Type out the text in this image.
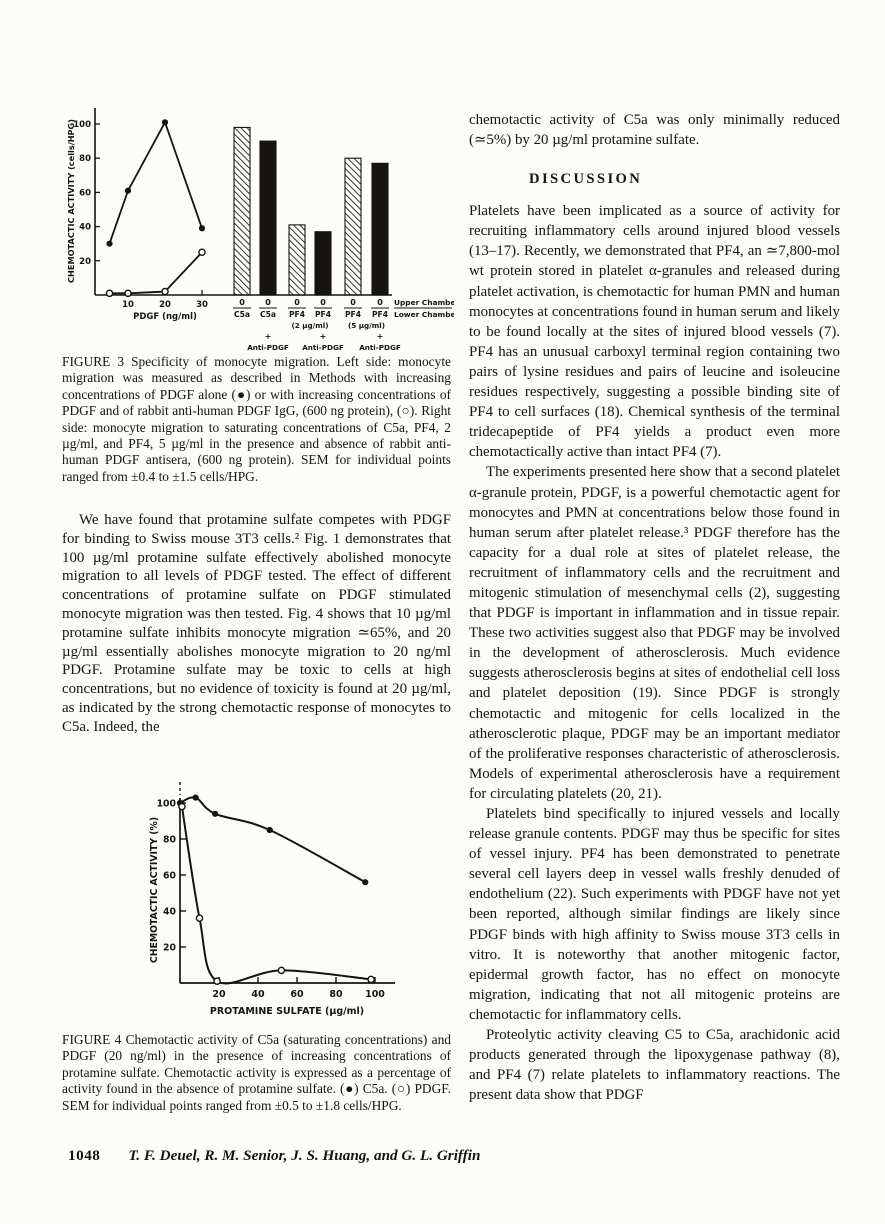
20
40
60
80
100
CHEMOTACTIC ACTIVITY (cells/HPG)
10	20	30
PDGF (ng/ml)
0
C5a
0
C5a
+
Anti-PDGF
0
PF4
0
PF4
+
Anti-PDGF
0
PF4
0
PF4
+
Anti-PDGF
(2 µg/ml)	(5 µg/ml)
Upper Chamber
Lower Chamber

FIGURE 3 Specificity of monocyte migration. Left side: monocyte migration was measured as described in Methods with increasing concentrations of PDGF alone (●) or with increasing concentrations of PDGF and of rabbit anti-human PDGF IgG, (600 ng protein), (○). Right side: monocyte migration to saturating concentrations of C5a, PF4, 2 µg/ml, and PF4, 5 µg/ml in the presence and absence of rabbit anti-human PDGF antisera, (600 ng protein). SEM for individual points ranged from ±0.4 to ±1.5 cells/HPG.

We have found that protamine sulfate competes with PDGF for binding to Swiss mouse 3T3 cells.² Fig. 1 demonstrates that 100 µg/ml protamine sulfate effectively abolished monocyte migration to all levels of PDGF tested. The effect of different concentrations of protamine sulfate on PDGF stimulated monocyte migration was then tested. Fig. 4 shows that 10 µg/ml protamine sulfate inhibits monocyte migration ≃65%, and 20 µg/ml essentially abolishes monocyte migration to 20 ng/ml PDGF. Protamine sulfate may be toxic to cells at high concentrations, but no evidence of toxicity is found at 20 µg/ml, as indicated by the strong chemotactic response of monocytes to C5a. Indeed, the

20
40
60
80
100
20	40	60	80 100
PROTAMINE SULFATE (µg/ml)
CHEMOTACTIC ACTIVITY (%)

FIGURE 4 Chemotactic activity of C5a (saturating concentrations) and PDGF (20 ng/ml) in the presence of increasing concentrations of protamine sulfate. Chemotactic activity is expressed as a percentage of activity found in the absence of protamine sulfate. (●) C5a. (○) PDGF. SEM for individual points ranged from ±0.5 to ±1.8 cells/HPG.

chemotactic activity of C5a was only minimally reduced (≃5%) by 20 µg/ml protamine sulfate.

DISCUSSION

Platelets have been implicated as a source of activity for recruiting inflammatory cells around injured blood vessels (13–17). Recently, we demonstrated that PF4, an ≃7,800-mol wt protein stored in platelet α-granules and released during platelet activation, is chemotactic for human PMN and human monocytes at concentrations found in human serum and likely to be found locally at the sites of injured blood vessels (7). PF4 has an unusual carboxyl terminal region containing two pairs of lysine residues and pairs of leucine and isoleucine residues respectively, suggesting a possible binding site of PF4 to cell surfaces (18). Chemical synthesis of the terminal tridecapeptide of PF4 yields a product even more chemotactically active than intact PF4 (7).

The experiments presented here show that a second platelet α-granule protein, PDGF, is a powerful chemotactic agent for monocytes and PMN at concentrations below those found in human serum after platelet release.³ PDGF therefore has the capacity for a dual role at sites of platelet release, the recruitment of inflammatory cells and the recruitment and mitogenic stimulation of mesenchymal cells (2), suggesting that PDGF is important in inflammation and in tissue repair. These two activities suggest also that PDGF may be involved in the development of atherosclerosis. Much evidence suggests atherosclerosis begins at sites of endothelial cell loss and platelet deposition (19). Since PDGF is strongly chemotactic and mitogenic for cells localized in the atherosclerotic plaque, PDGF may be an important mediator of the proliferative responses characteristic of atherosclerosis. Models of experimental atherosclerosis have a requirement for circulating platelets (20, 21).

Platelets bind specifically to injured vessels and locally release granule contents. PDGF may thus be specific for sites of vessel injury. PF4 has been demonstrated to penetrate several cell layers deep in vessel walls freshly denuded of endothelium (22). Such experiments with PDGF have not yet been reported, although similar findings are likely since PDGF binds with high affinity to Swiss mouse 3T3 cells in vitro. It is noteworthy that another mitogenic factor, epidermal growth factor, has no effect on monocyte migration, indicating that not all mitogenic proteins are chemotactic for inflammatory cells.

Proteolytic activity cleaving C5 to C5a, arachidonic acid products generated through the lipoxygenase pathway (8), and PF4 (7) relate platelets to inflammatory reactions. The present data show that PDGF

1048 T. F. Deuel, R. M. Senior, J. S. Huang, and G. L. Griffin
